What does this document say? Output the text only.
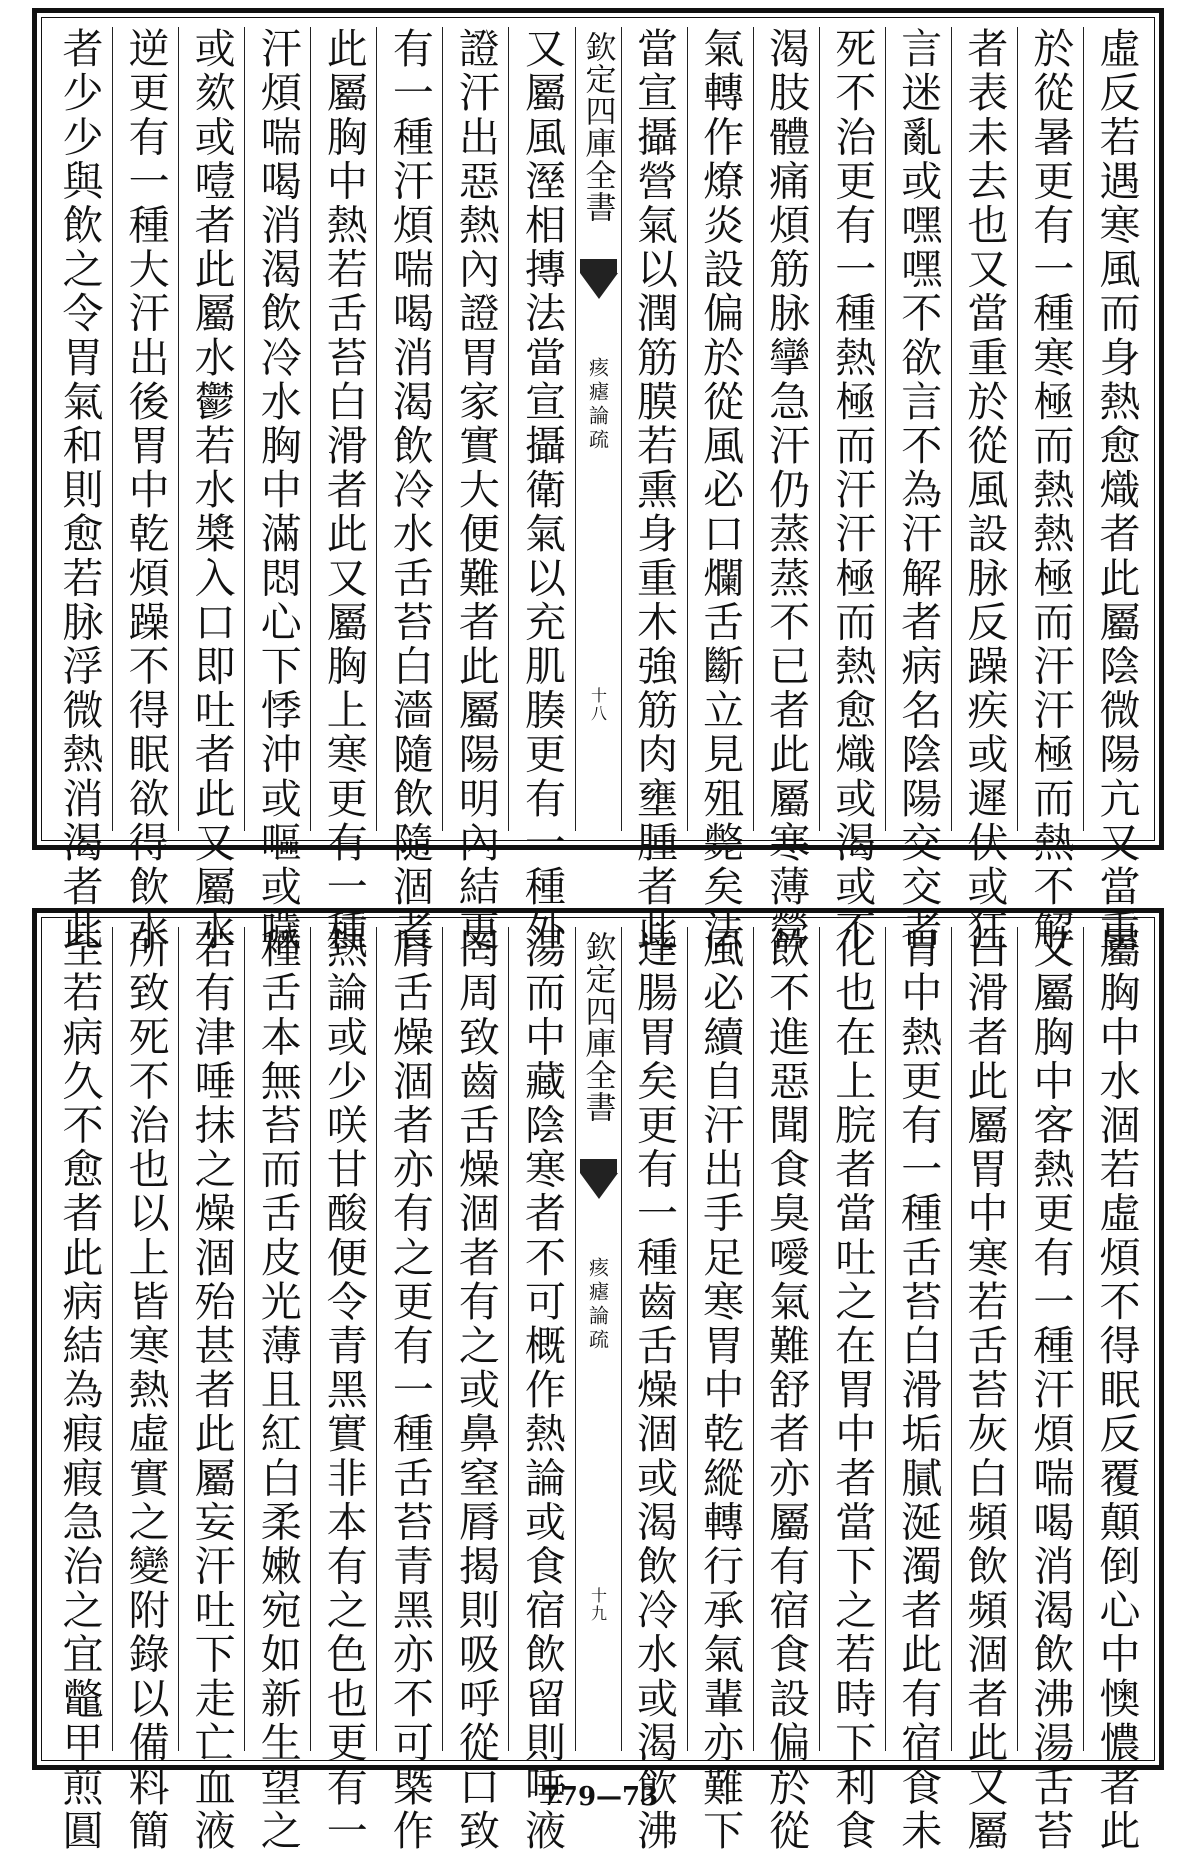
虛反若遇寒風而身熱愈熾者此屬陰微陽亢又當重
於從暑更有一種寒極而熱熱極而汗汗極而熱不解
者表未去也又當重於從風設脉反躁疾或遲伏或狂
言迷亂或嘿嘿不欲言不為汗解者病名陰陽交交者
死不治更有一種熱極而汗汗極而熱愈熾或渴或不
渴肢體痛煩筋脉攣急汗仍蒸蒸不已者此屬寒薄營
氣轉作燎炎設偏於從風必口爛舌斷立見殂斃矣法
當宣攝營氣以潤筋膜若熏身重木強筋肉壅腫者此
欽定四庫全書
痎瘧論疏
十八
又屬風溼相摶法當宣攝衛氣以充肌腠更有一種外
證汗出惡熱內證胃家實大便難者此屬陽明內結更
有一種汗煩喘喝消渴飲冷水舌苔白濇隨飲隨涸者
此屬胸中熱若舌苔白滑者此又屬胸上寒更有一種
汗煩喘喝消渴飲冷水胸中滿悶心下悸沖或嘔或噦
或欬或噎者此屬水鬱若水槳入口即吐者此又屬水
逆更有一種大汗出後胃中乾煩躁不得眠欲得飲水
者少少與飲之令胃氣和則愈若脉浮微熱消渴者此
屬胸中水涸若虛煩不得眠反覆顛倒心中懊憹者此
又屬胸中客熱更有一種汗煩喘喝消渴飲沸湯舌苔
白滑者此屬胃中寒若舌苔灰白頻飲頻涸者此又屬
胃中熱更有一種舌苔白滑垢膩涎濁者此有宿食未
化也在上脘者當吐之在胃中者當下之若時下利食
飲不進惡聞食臭噯氣難舒者亦屬有宿食設偏於從
風必續自汗出手足寒胃中乾縱轉行承氣輩亦難下
達腸胃矣更有一種齒舌燥涸或渴飲冷水或渴飲沸
欽定四庫全書
痎瘧論疏
十九
湯而中藏陰寒者不可概作熱論或食宿飲留則唾液
罔周致齒舌燥涸者有之或鼻窒脣揭則吸呼從口致
脣舌燥涸者亦有之更有一種舌苔青黑亦不可槩作
熱論或少咲甘酸便令青黑實非本有之色也更有一
種舌本無苔而舌皮光薄且紅白柔嫩宛如新生望之
若有津唾抹之燥涸殆甚者此屬妄汗吐下走亡血液
所致死不治也以上皆寒熱虛實之變附錄以備料簡
至若病久不愈者此病結為瘕瘕急治之宜鼈甲煎圓	779—73
